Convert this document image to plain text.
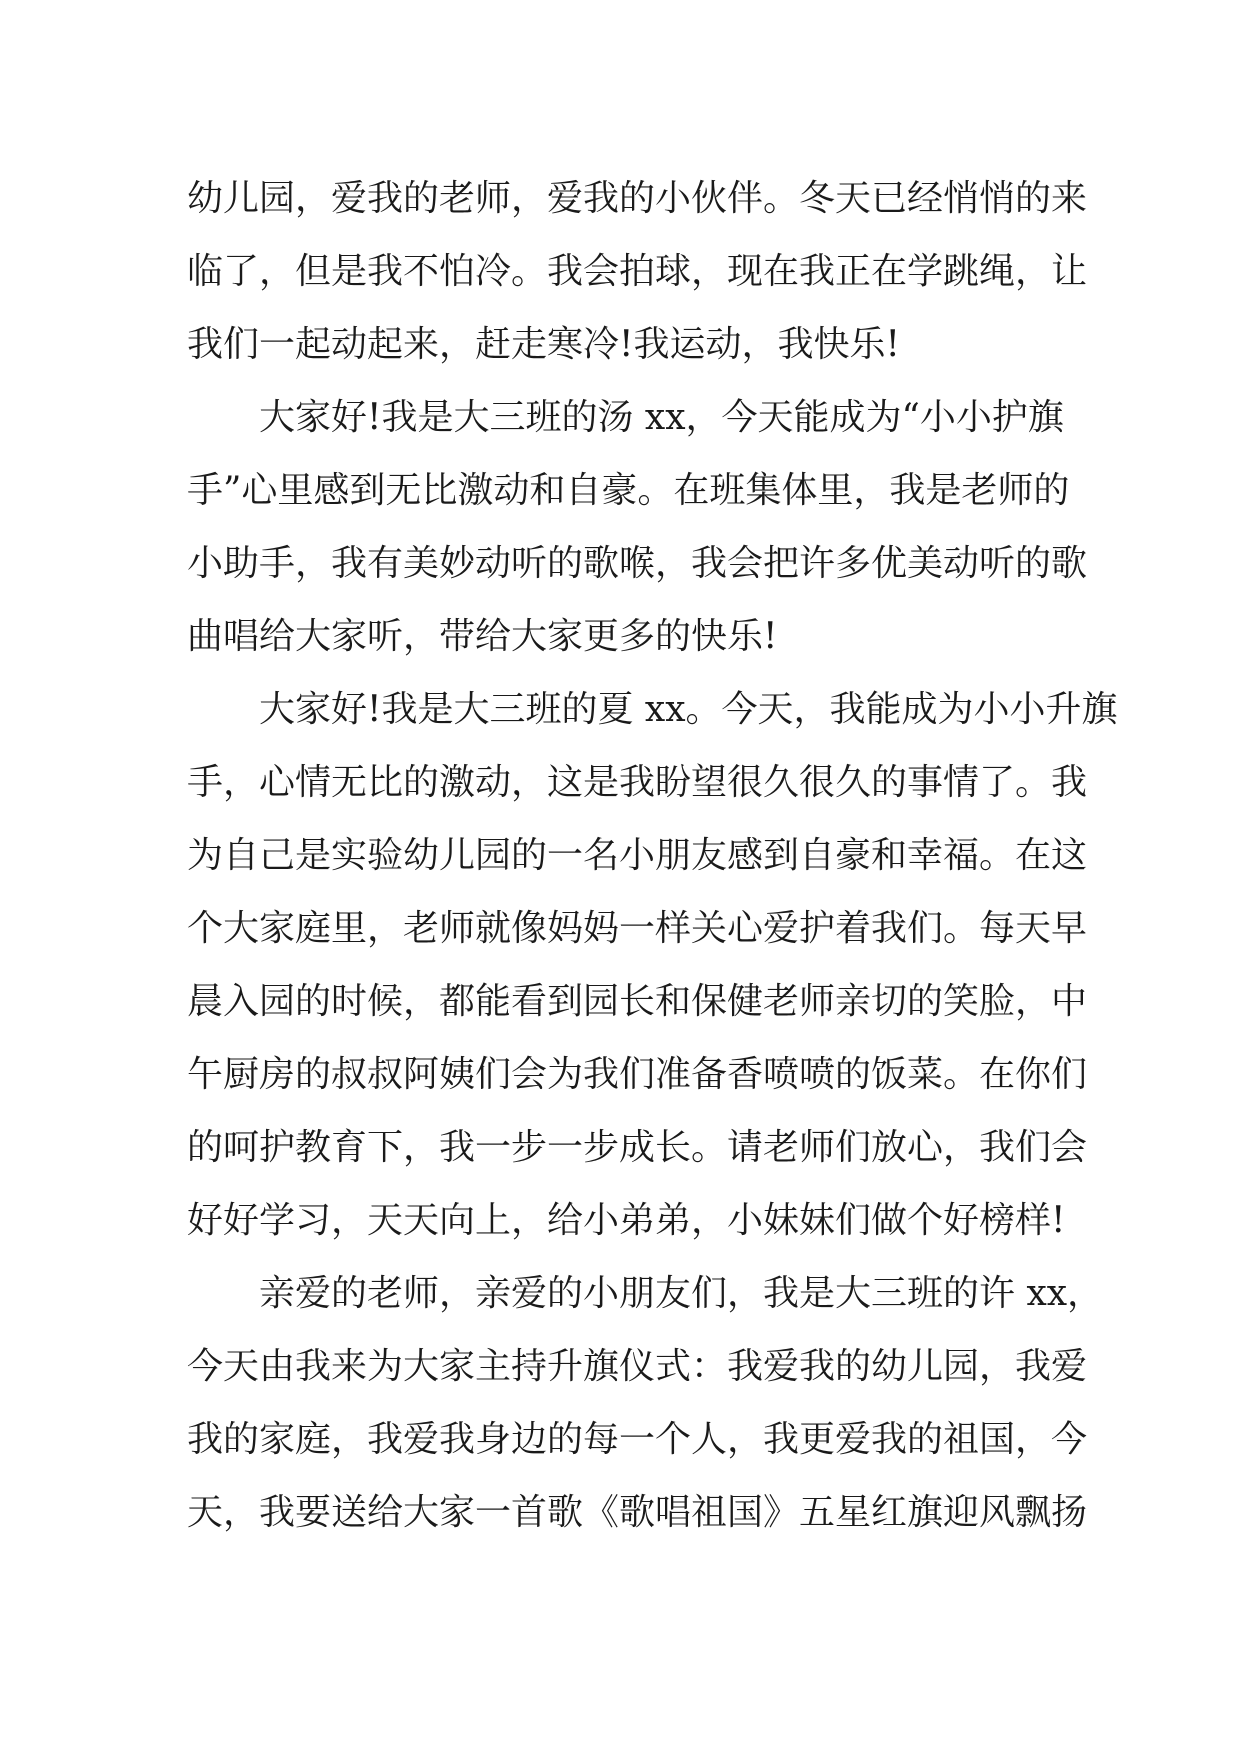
幼儿园，爱我的老师，爱我的小伙伴。冬天已经悄悄的来
临了，但是我不怕冷。我会拍球，现在我正在学跳绳，让
我们一起动起来，赶走寒冷!我运动，我快乐!
大家好!我是大三班的汤 xx，今天能成为“小小护旗
手”心里感到无比激动和自豪。在班集体里，我是老师的
小助手，我有美妙动听的歌喉，我会把许多优美动听的歌
曲唱给大家听，带给大家更多的快乐!
大家好!我是大三班的夏 xx。今天，我能成为小小升旗
手，心情无比的激动，这是我盼望很久很久的事情了。我
为自己是实验幼儿园的一名小朋友感到自豪和幸福。在这
个大家庭里，老师就像妈妈一样关心爱护着我们。每天早
晨入园的时候，都能看到园长和保健老师亲切的笑脸，中
午厨房的叔叔阿姨们会为我们准备香喷喷的饭菜。在你们
的呵护教育下，我一步一步成长。请老师们放心，我们会
好好学习，天天向上，给小弟弟，小妹妹们做个好榜样!
亲爱的老师，亲爱的小朋友们，我是大三班的许 xx，
今天由我来为大家主持升旗仪式：我爱我的幼儿园，我爱
我的家庭，我爱我身边的每一个人，我更爱我的祖国，今
天，我要送给大家一首歌《歌唱祖国》五星红旗迎风飘扬
